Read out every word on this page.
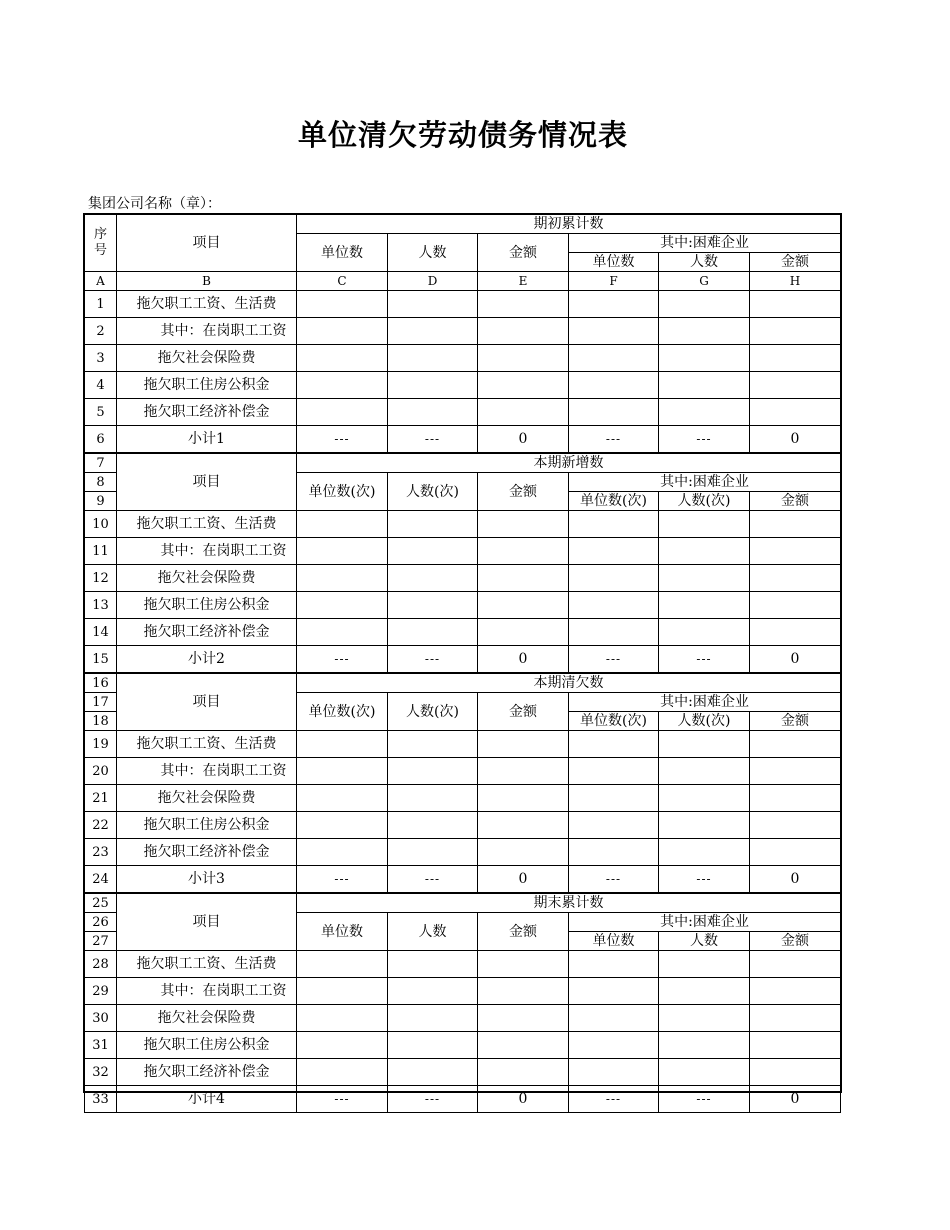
单位清欠劳动债务情况表
集团公司名称（章）：
序号	项目	期初累计数					
		单位数	人数	金额	其中:困难企业		
					单位数	人数	金额
A	B	C	D	E	F	G	H
1	拖欠职工工资、生活费						
2	其中：在岗职工工资						
3	拖欠社会保险费						
4	拖欠职工住房公积金						
5	拖欠职工经济补偿金						
6	小计1	---	---	0	---	---	0
7	项目	本期新增数					
8		单位数(次)	人数(次)	金额	其中:困难企业		
9					单位数(次)	人数(次)	金额
10	拖欠职工工资、生活费						
11	其中：在岗职工工资						
12	拖欠社会保险费						
13	拖欠职工住房公积金						
14	拖欠职工经济补偿金						
15	小计2	---	---	0	---	---	0
16	项目	本期清欠数					
17		单位数(次)	人数(次)	金额	其中:困难企业		
18					单位数(次)	人数(次)	金额
19	拖欠职工工资、生活费						
20	其中：在岗职工工资						
21	拖欠社会保险费						
22	拖欠职工住房公积金						
23	拖欠职工经济补偿金						
24	小计3	---	---	0	---	---	0
25	项目	期末累计数					
26		单位数	人数	金额	其中:困难企业		
27					单位数	人数	金额
28	拖欠职工工资、生活费						
29	其中：在岗职工工资						
30	拖欠社会保险费						
31	拖欠职工住房公积金						
32	拖欠职工经济补偿金						
33	小计4	---	---	0	---	---	0
